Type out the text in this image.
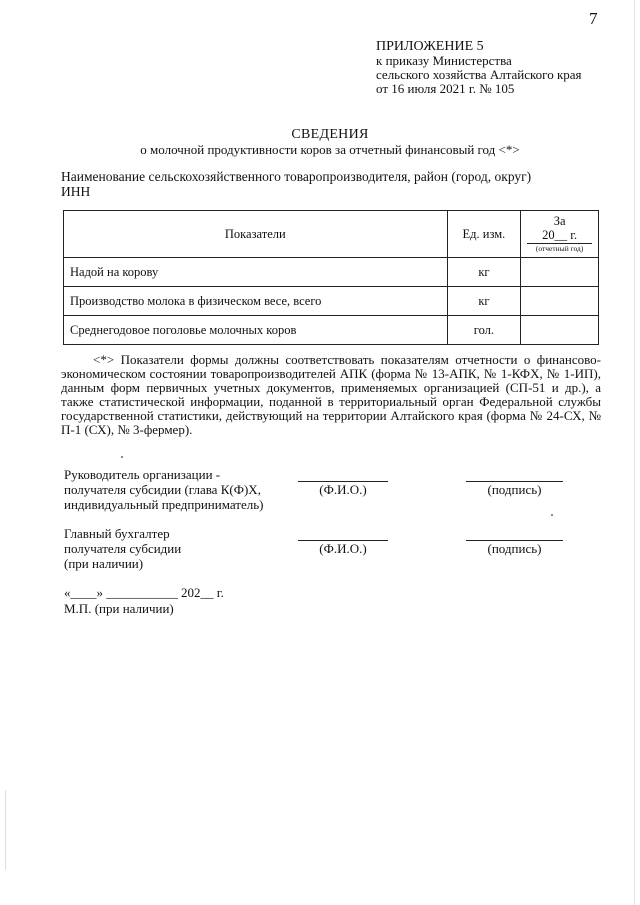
7
ПРИЛОЖЕНИЕ 5
к приказу Министерства
сельского хозяйства Алтайского края
от 16 июля 2021 г. № 105
СВЕДЕНИЯ
о молочной продуктивности коров за отчетный финансовый год <*>
Наименование сельскохозяйственного товаропроизводителя, район (город, округ)
ИНН
Показатели	Ед. изм.	За
20__ г.
(отчетный год)

Надой на корову	кг	
Производство молока в физическом весе, всего	кг	
Среднегодовое поголовье молочных коров	гол.	

<*> Показатели формы должны соответствовать показателям отчетности о финансово-экономическом состоянии товаропроизводителей АПК (форма № 13-АПК, № 1-КФХ, № 1-ИП), данным форм первичных учетных документов, применяемых организацией (СП-51 и др.), а также статистической информации, поданной в территориальный орган Федеральной службы государственной статистики, действующий на территории Алтайского края (форма № 24-СХ, № П-1 (СХ), № 3-фермер).

Руководитель организации -
получателя субсидии (глава К(Ф)Х,
индивидуальный предприниматель)
(Ф.И.О.)	(подпись)
Главный бухгалтер
получателя субсидии
(при наличии)
(Ф.И.О.)	(подпись)
«____» ___________ 202__ г.
М.П. (при наличии)
